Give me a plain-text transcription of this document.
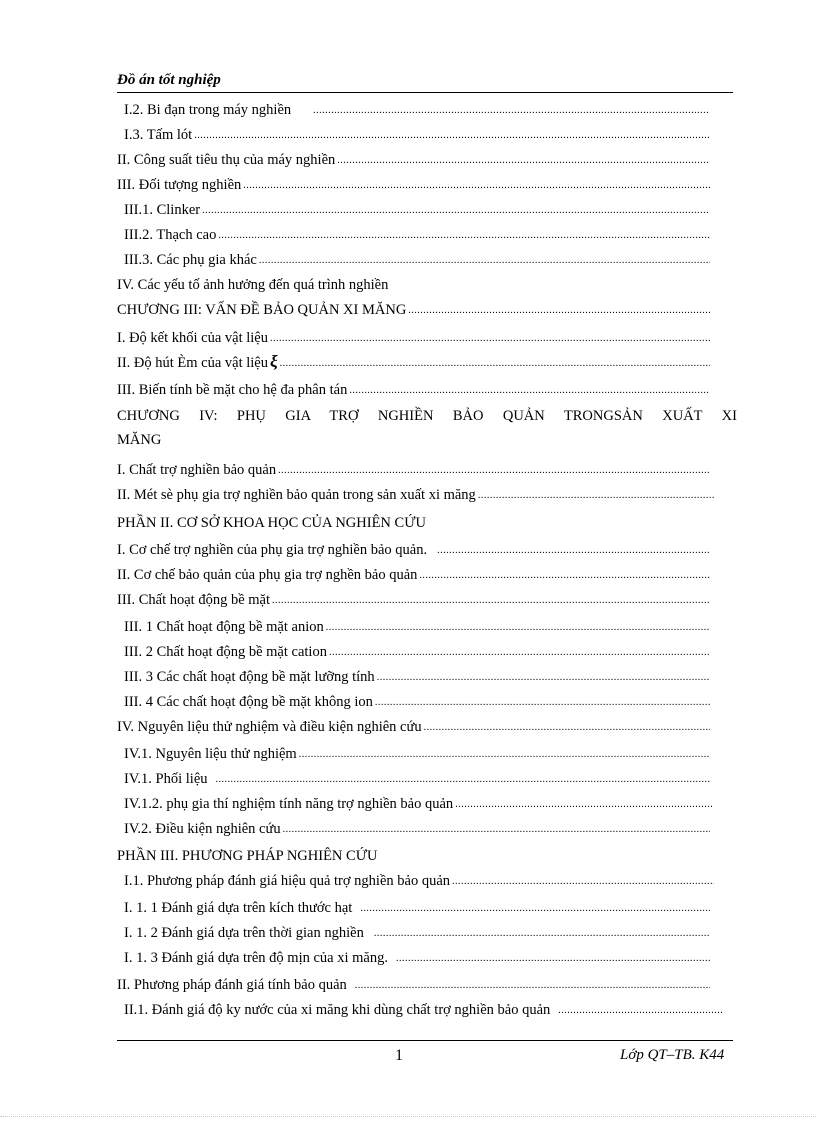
Đồ án tốt nghiệp
I.2. Bi đạn trong máy nghiền
.....
I.3. Tấm lót
.....
II. Công suất tiêu thụ của máy nghiền
.....
III. Đối tượng nghiền
.....
III.1. Clinker
.....
III.2. Thạch cao
.....
III.3. Các phụ gia khác
.....
IV. Các yếu tố ảnh hưởng đến quá trình nghiền
CHƯƠNG III: VẤN ĐỀ BẢO QUẢN XI MĂNG
.....
I. Độ kết khối của vật liệu
.....
II. Độ hút Èm của vật liệu ξ
.....
III. Biến tính bề mặt cho hệ đa phân tán
.....
CHƯƠNG IV: PHỤ GIA TRỢ NGHIỀN BẢO QUẢN TRONGSẢN XUẤT XI
MĂNG
I. Chất trợ nghiền bảo quản
.....
II. Mét sè phụ gia trợ nghiền bảo quản trong sản xuất xi măng
.....
PHẦN II. CƠ SỞ KHOA HỌC CỦA NGHIÊN CỨU
I. Cơ chế trợ nghiền của phụ gia trợ nghiền bảo quản.
.....
II. Cơ chế bảo quản của phụ gia trợ nghền bảo quản
.....
III. Chất hoạt động bề mặt
.....
III. 1 Chất hoạt động bề mặt anion
.....
III. 2 Chất hoạt động bề mặt cation
.....
III. 3 Các chất hoạt động bề mặt lưỡng tính
.....
III. 4 Các chất hoạt động bề mặt không ion
.....
IV. Nguyên liệu thử nghiệm và điều kiện nghiên cứu
.....
IV.1. Nguyên liệu thử nghiệm
.....
IV.1. Phối liệu
.....
IV.1.2. phụ gia thí nghiệm tính năng trợ nghiền bảo quản
.....
IV.2. Điều kiện nghiên cứu
.....
PHẦN III. PHƯƠNG PHÁP NGHIÊN CỨU
I.1. Phương pháp đánh giá hiệu quả trợ nghiền bảo quản
.....
I. 1. 1 Đánh giá dựa trên kích thước hạt
.....
I. 1. 2 Đánh giá dựa trên thời gian nghiền
.....
I. 1. 3 Đánh giá dựa trên độ mịn của xi măng.
.....
II. Phương pháp đánh giá tính bảo quản
.....
II.1. Đánh giá độ ky nước của xi măng khi dùng chất trợ nghiền bảo quản
.....
1	Lớp QT–TB. K44
